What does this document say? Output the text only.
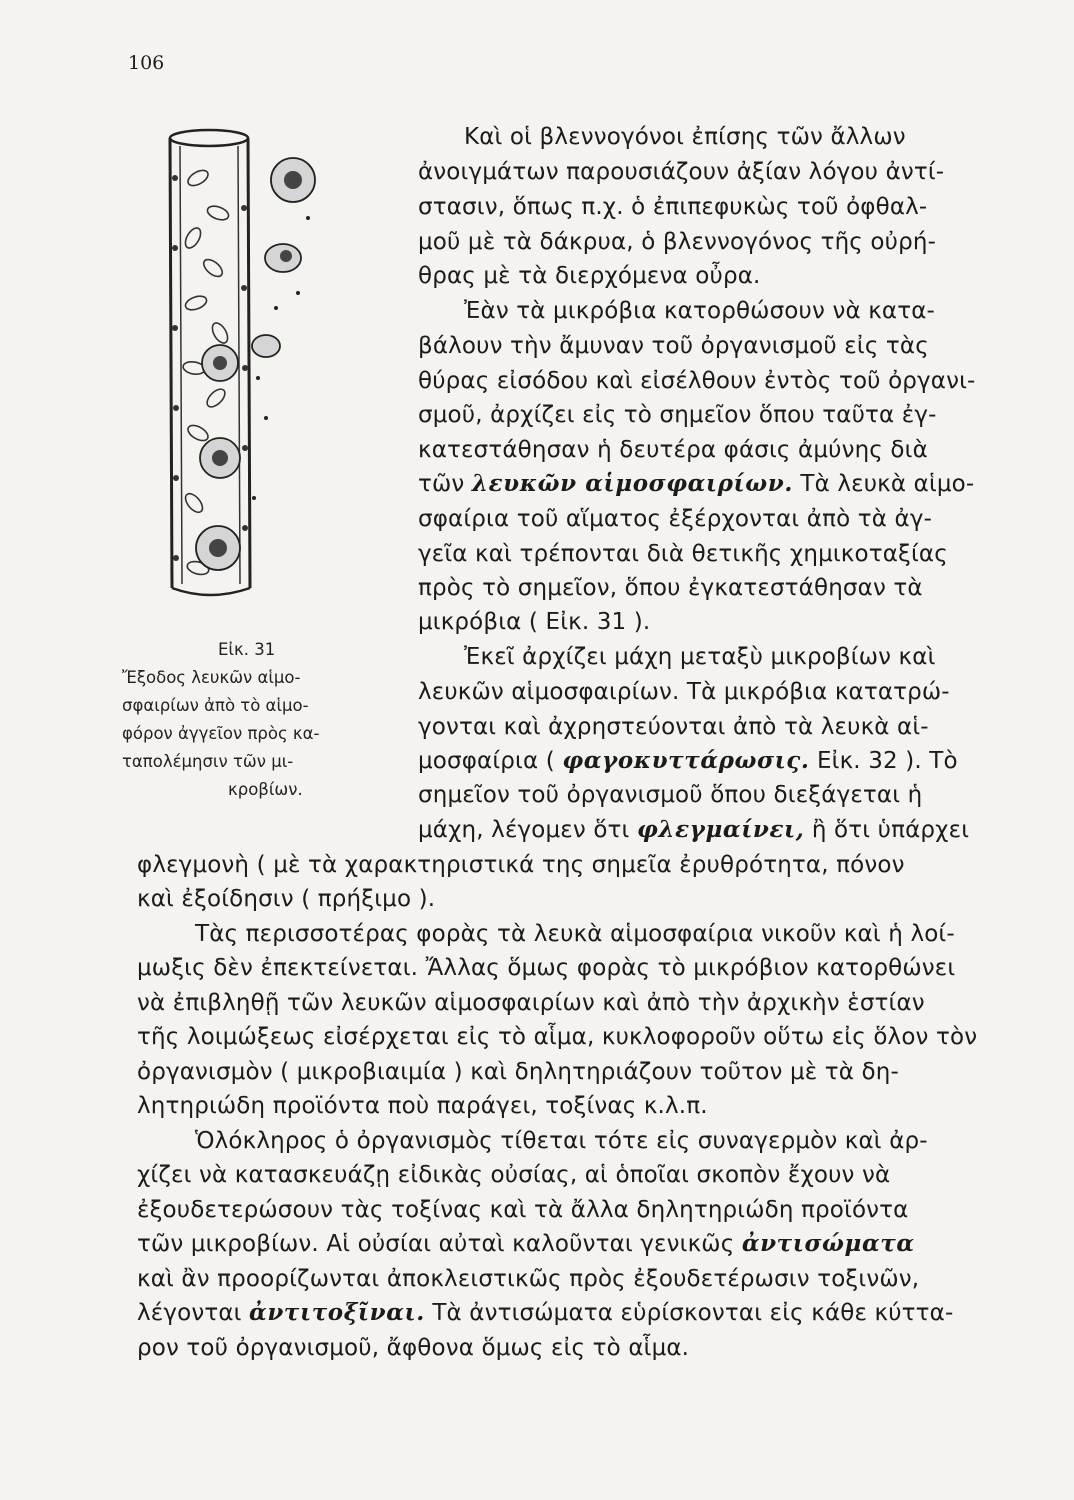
106
Εἰκ. 31
Ἔξοδος λευκῶν αἱμο-
σφαιρίων ἀπὸ τὸ αἱμο-
φόρον ἀγγεῖον πρὸς κα-
ταπολέμησιν τῶν μι-
κροβίων.
Καὶ οἱ βλεννογόνοι ἐπίσης τῶν ἄλλων
ἀνοιγμάτων παρουσιάζουν ἀξίαν λόγου ἀντί-
στασιν, ὅπως π.χ. ὁ ἐπιπεφυκὼς τοῦ ὀφθαλ-
μοῦ μὲ τὰ δάκρυα, ὁ βλεννογόνος τῆς οὐρή-
θρας μὲ τὰ διερχόμενα οὖρα.
Ἐὰν τὰ μικρόβια κατορθώσουν νὰ κατα-
βάλουν τὴν ἄμυναν τοῦ ὀργανισμοῦ εἰς τὰς
θύρας εἰσόδου καὶ εἰσέλθουν ἐντὸς τοῦ ὀργανι-
σμοῦ, ἀρχίζει εἰς τὸ σημεῖον ὅπου ταῦτα ἐγ-
κατεστάθησαν ἡ δευτέρα φάσις ἀμύνης διὰ
τῶν λευκῶν αἱμοσφαιρίων. Τὰ λευκὰ αἱμο-
σφαίρια τοῦ αἵματος ἐξέρχονται ἀπὸ τὰ ἀγ-
γεῖα καὶ τρέπονται διὰ θετικῆς χημικοταξίας
πρὸς τὸ σημεῖον, ὅπου ἐγκατεστάθησαν τὰ
μικρόβια ( Εἰκ. 31 ).
Ἐκεῖ ἀρχίζει μάχη μεταξὺ μικροβίων καὶ
λευκῶν αἱμοσφαιρίων. Τὰ μικρόβια κατατρώ-
γονται καὶ ἀχρηστεύονται ἀπὸ τὰ λευκὰ αἱ-
μοσφαίρια ( φαγοκυττάρωσις. Εἰκ. 32 ). Τὸ
σημεῖον τοῦ ὀργανισμοῦ ὅπου διεξάγεται ἡ
μάχη, λέγομεν ὅτι φλεγμαίνει, ἢ ὅτι ὑπάρχει
φλεγμονὴ ( μὲ τὰ χαρακτηριστικά της σημεῖα ἐρυθρότητα, πόνον
καὶ ἐξοίδησιν ( πρήξιμο ).
Τὰς περισσοτέρας φορὰς τὰ λευκὰ αἱμοσφαίρια νικοῦν καὶ ἡ λοί-
μωξις δὲν ἐπεκτείνεται. Ἄλλας ὅμως φορὰς τὸ μικρόβιον κατορθώνει
νὰ ἐπιβληθῇ τῶν λευκῶν αἱμοσφαιρίων καὶ ἀπὸ τὴν ἀρχικὴν ἑστίαν
τῆς λοιμώξεως εἰσέρχεται εἰς τὸ αἷμα, κυκλοφοροῦν οὕτω εἰς ὅλον τὸν
ὀργανισμὸν ( μικροβιαιμία ) καὶ δηλητηριάζουν τοῦτον μὲ τὰ δη-
λητηριώδη προϊόντα ποὺ παράγει, τοξίνας κ.λ.π.
Ὁλόκληρος ὁ ὀργανισμὸς τίθεται τότε εἰς συναγερμὸν καὶ ἀρ-
χίζει νὰ κατασκευάζῃ εἰδικὰς οὐσίας, αἱ ὁποῖαι σκοπὸν ἔχουν νὰ
ἐξουδετερώσουν τὰς τοξίνας καὶ τὰ ἄλλα δηλητηριώδη προϊόντα
τῶν μικροβίων. Αἱ οὐσίαι αὐταὶ καλοῦνται γενικῶς ἀντισώματα
καὶ ἂν προορίζωνται ἀποκλειστικῶς πρὸς ἐξουδετέρωσιν τοξινῶν,
λέγονται ἀντιτοξῖναι. Τὰ ἀντισώματα εὑρίσκονται εἰς κάθε κύττα-
ρον τοῦ ὀργανισμοῦ, ἄφθονα ὅμως εἰς τὸ αἷμα.
